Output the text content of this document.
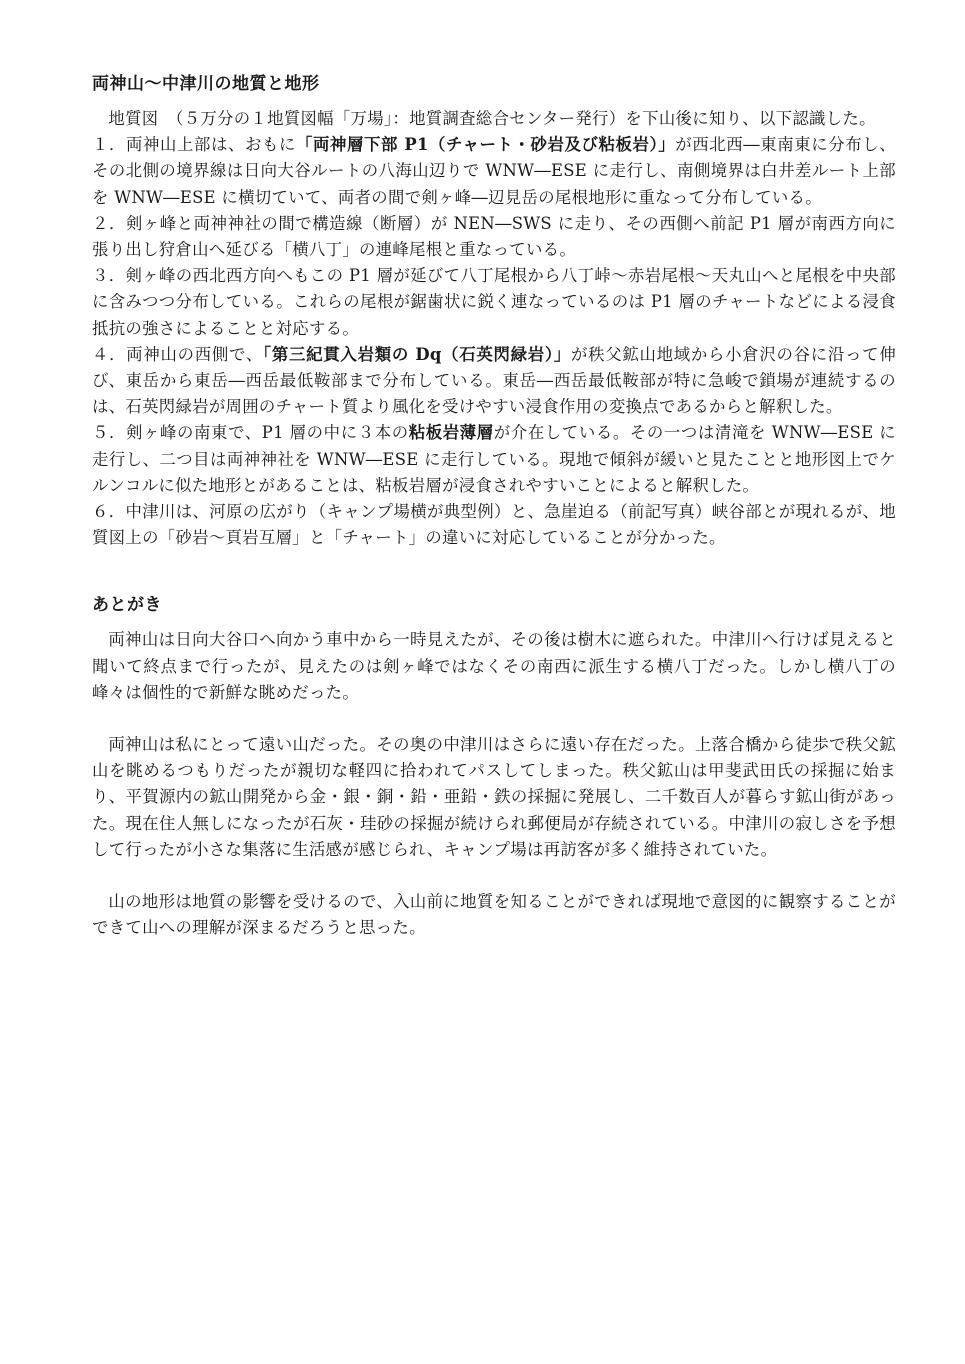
両神山～中津川の地質と地形

地質図　（５万分の１地質図幅「万場」：地質調査総合センター発行）を下山後に知り、以下認識した。

１．両神山上部は、おもに「両神層下部 P1（チャート・砂岩及び粘板岩）」が西北西―東南東に分布し、その北側の境界線は日向大谷ルートの八海山辺りで WNW―ESE に走行し、南側境界は白井差ルート上部を WNW―ESE に横切ていて、両者の間で剣ヶ峰―辺見岳の尾根地形に重なって分布している。

２．剣ヶ峰と両神神社の間で構造線（断層）が NEN―SWS に走り、その西側へ前記 P1 層が南西方向に張り出し狩倉山へ延びる「横八丁」の連峰尾根と重なっている。

３．剣ヶ峰の西北西方向へもこの P1 層が延びて八丁尾根から八丁峠～赤岩尾根～天丸山へと尾根を中央部に含みつつ分布している。これらの尾根が鋸歯状に鋭く連なっているのは P1 層のチャートなどによる浸食抵抗の強さによることと対応する。

４．両神山の西側で、「第三紀貫入岩類の Dq（石英閃緑岩）」が秩父鉱山地域から小倉沢の谷に沿って伸び、東岳から東岳―西岳最低鞍部まで分布している。東岳―西岳最低鞍部が特に急峻で鎖場が連続するのは、石英閃緑岩が周囲のチャート質より風化を受けやすい浸食作用の変換点であるからと解釈した。

５．剣ヶ峰の南東で、P1 層の中に３本の粘板岩薄層が介在している。その一つは清滝を WNW―ESE に走行し、二つ目は両神神社を WNW―ESE に走行している。現地で傾斜が緩いと見たことと地形図上でケルンコルに似た地形とがあることは、粘板岩層が浸食されやすいことによると解釈した。

６．中津川は、河原の広がり（キャンプ場横が典型例）と、急崖迫る（前記写真）峡谷部とが現れるが、地質図上の「砂岩～頁岩互層」と「チャート」の違いに対応していることが分かった。

あとがき

両神山は日向大谷口へ向かう車中から一時見えたが、その後は樹木に遮られた。中津川へ行けば見えると聞いて終点まで行ったが、見えたのは剣ヶ峰ではなくその南西に派生する横八丁だった。しかし横八丁の峰々は個性的で新鮮な眺めだった。

両神山は私にとって遠い山だった。その奥の中津川はさらに遠い存在だった。上落合橋から徒歩で秩父鉱山を眺めるつもりだったが親切な軽四に拾われてパスしてしまった。秩父鉱山は甲斐武田氏の採掘に始まり、平賀源内の鉱山開発から金・銀・銅・鉛・亜鉛・鉄の採掘に発展し、二千数百人が暮らす鉱山街があった。現在住人無しになったが石灰・珪砂の採掘が続けられ郵便局が存続されている。中津川の寂しさを予想して行ったが小さな集落に生活感が感じられ、キャンプ場は再訪客が多く維持されていた。

山の地形は地質の影響を受けるので、入山前に地質を知ることができれば現地で意図的に観察することができて山への理解が深まるだろうと思った。
